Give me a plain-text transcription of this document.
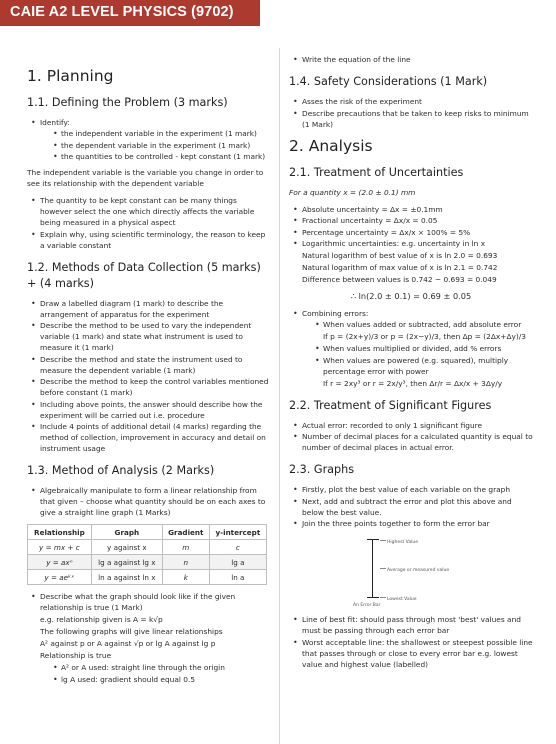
CAIE A2 LEVEL PHYSICS (9702)
1. Planning
1.1. Defining the Problem (3 marks)
• Identify:
• the independent variable in the experiment (1 mark)
• the dependent variable in the experiment (1 mark)
• the quantities to be controlled - kept constant (1 mark)

The independent variable is the variable you change in order to see its relationship with the dependent variable

• The quantity to be kept constant can be many things however select the one which directly affects the variable being measured in a physical aspect
• Explain why, using scientific terminology, the reason to keep a variable constant
1.2. Methods of Data Collection (5 marks) + (4 marks)
• Draw a labelled diagram (1 mark) to describe the arrangement of apparatus for the experiment
• Describe the method to be used to vary the independent variable (1 mark) and state what instrument is used to measure it (1 mark)
• Describe the method and state the instrument used to measure the dependent variable (1 mark)
• Describe the method to keep the control variables mentioned before constant (1 mark)
• Including above points, the answer should describe how the experiment will be carried out i.e. procedure
• Include 4 points of additional detail (4 marks) regarding the method of collection, improvement in accuracy and detail on instrument usage
1.3. Method of Analysis (2 Marks)
• Algebraically manipulate to form a linear relationship from that given – choose what quantity should be on each axes to give a straight line graph (1 Marks)
Relationship	Graph	Gradient	y-intercept
y = mx + c	y against x	m	c
y = axⁿ	lg a against lg x	n	lg a
y = aeᵏˣ	ln a against ln x	k	ln a
• Describe what the graph should look like if the given relationship is true (1 Mark)

e.g. relationship given is A = k√p

The following graphs will give linear relationships

A² against p or A against √p or lg A against lg p

Relationship is true

• A² or A used: straight line through the origin
• lg A used: gradient should equal 0.5
• Write the equation of the line
1.4. Safety Considerations (1 Mark)
• Asses the risk of the experiment
• Describe precautions that be taken to keep risks to minimum (1 Mark)
2. Analysis
2.1. Treatment of Uncertainties

For a quantity x = (2.0 ± 0.1) mm

• Absolute uncertainty = Δx = ±0.1mm
• Fractional uncertainty = Δx/x = 0.05
• Percentage uncertainty = Δx/x × 100% = 5%
• Logarithmic uncertainties: e.g. uncertainty in ln x

Natural logarithm of best value of x is ln 2.0 = 0.693

Natural logarithm of max value of x is ln 2.1 = 0.742

Difference between values is 0.742 − 0.693 = 0.049

∴ ln(2.0 ± 0.1) = 0.69 ± 0.05

• Combining errors:
• When values added or subtracted, add absolute error

If p = (2x+y)/3 or p = (2x−y)/3, then Δp = (2Δx+Δy)/3

• When values multiplied or divided, add % errors
• When values are powered (e.g. squared), multiply percentage error with power

If r = 2xy³ or r = 2x/y³, then Δr/r = Δx/x + 3Δy/y

2.2. Treatment of Significant Figures
• Actual error: recorded to only 1 significant figure
• Number of decimal places for a calculated quantity is equal to number of decimal places in actual error.
2.3. Graphs
• Firstly, plot the best value of each variable on the graph
• Next, add and subtract the error and plot this above and below the best value.
• Join the three points together to form the error bar
Highest Value
Average or measured value
Lowest Value
An Error Bar
• Line of best fit: should pass through most 'best' values and must be passing through each error bar
• Worst acceptable line: the shallowest or steepest possible line that passes through or close to every error bar e.g. lowest value and highest value (labelled)
